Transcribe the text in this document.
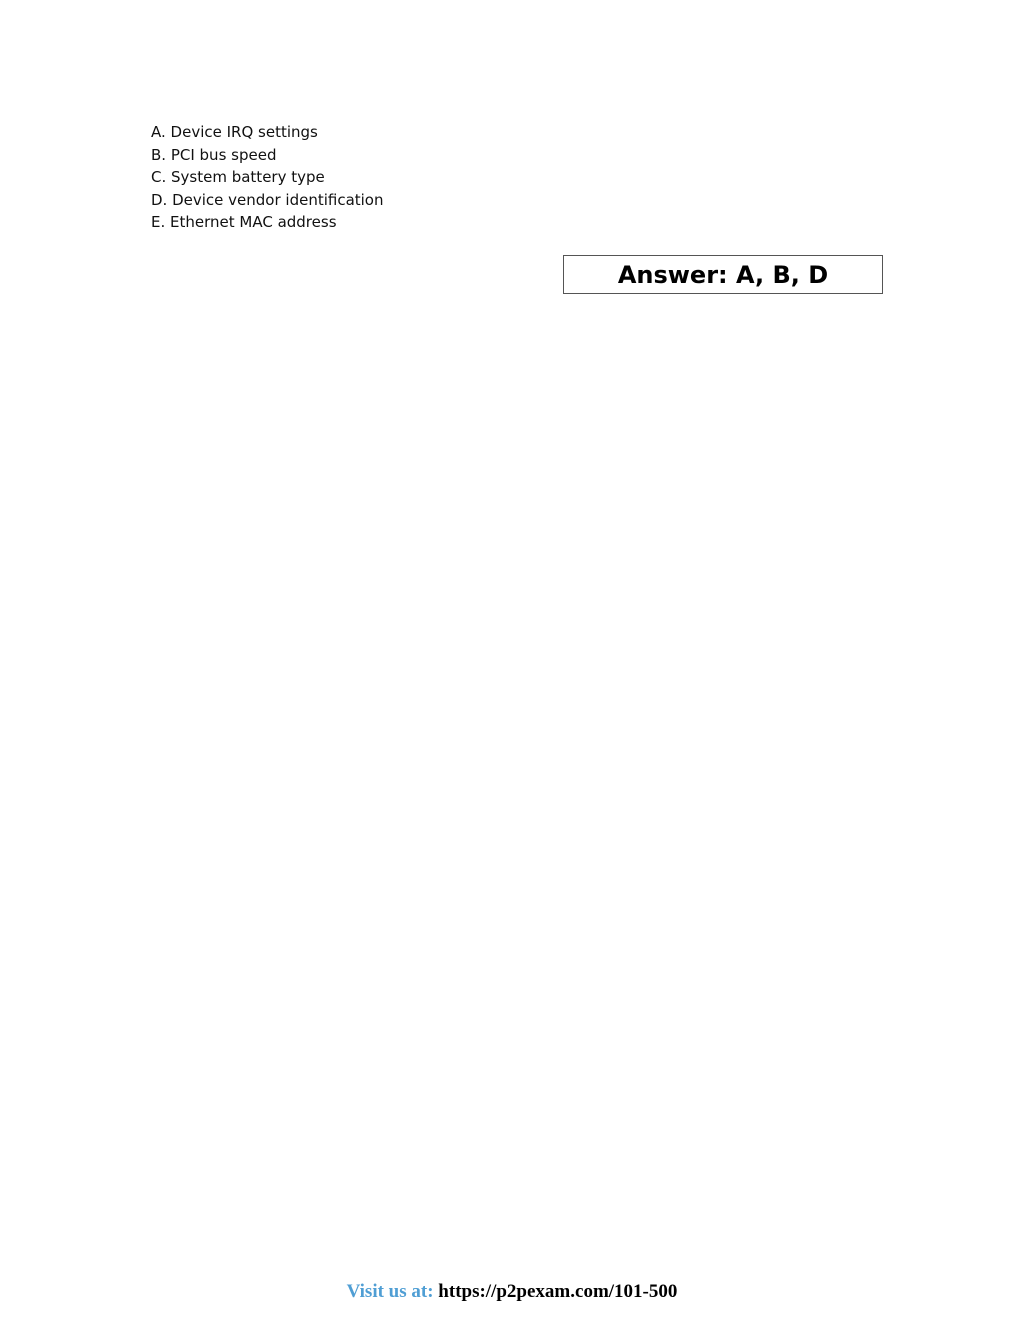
A. Device IRQ settings
B. PCI bus speed
C. System battery type
D. Device vendor identification
E. Ethernet MAC address
Answer: A, B, D
Visit us at: https://p2pexam.com/101-500
